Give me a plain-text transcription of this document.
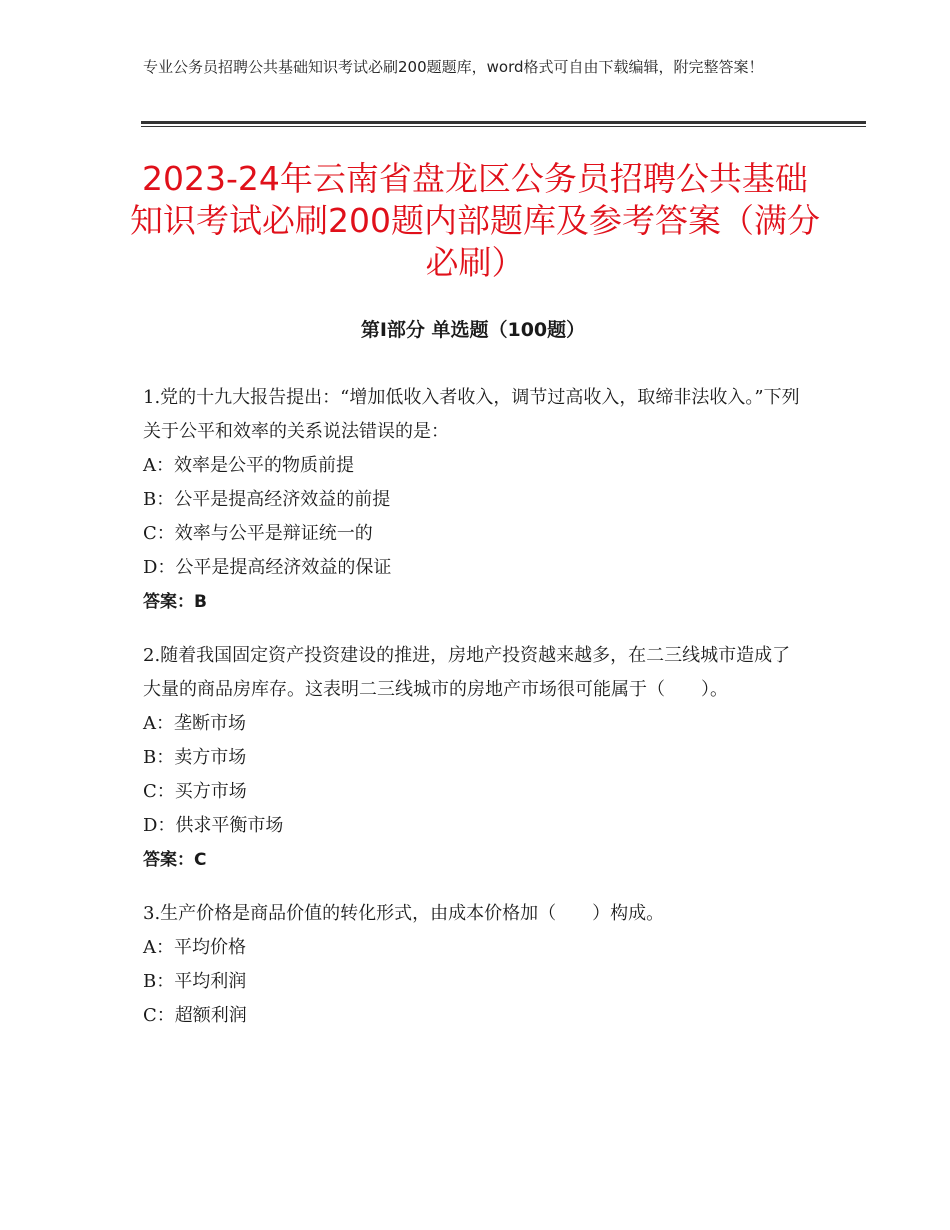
专业公务员招聘公共基础知识考试必刷200题题库，word格式可自由下载编辑，附完整答案！
2023-24年云南省盘龙区公务员招聘公共基础知识考试必刷200题内部题库及参考答案（满分必刷）
第Ⅰ部分 单选题（100题）

1.党的十九大报告提出：“增加低收入者收入，调节过高收入，取缔非法收入。”下列关于公平和效率的关系说法错误的是：

A：效率是公平的物质前提

B：公平是提高经济效益的前提

C：效率与公平是辩证统一的

D：公平是提高经济效益的保证

答案：B

2.随着我国固定资产投资建设的推进，房地产投资越来越多，在二三线城市造成了大量的商品房库存。这表明二三线城市的房地产市场很可能属于（　　）。

A：垄断市场

B：卖方市场

C：买方市场

D：供求平衡市场

答案：C

3.生产价格是商品价值的转化形式，由成本价格加（　　）构成。

A：平均价格

B：平均利润

C：超额利润
